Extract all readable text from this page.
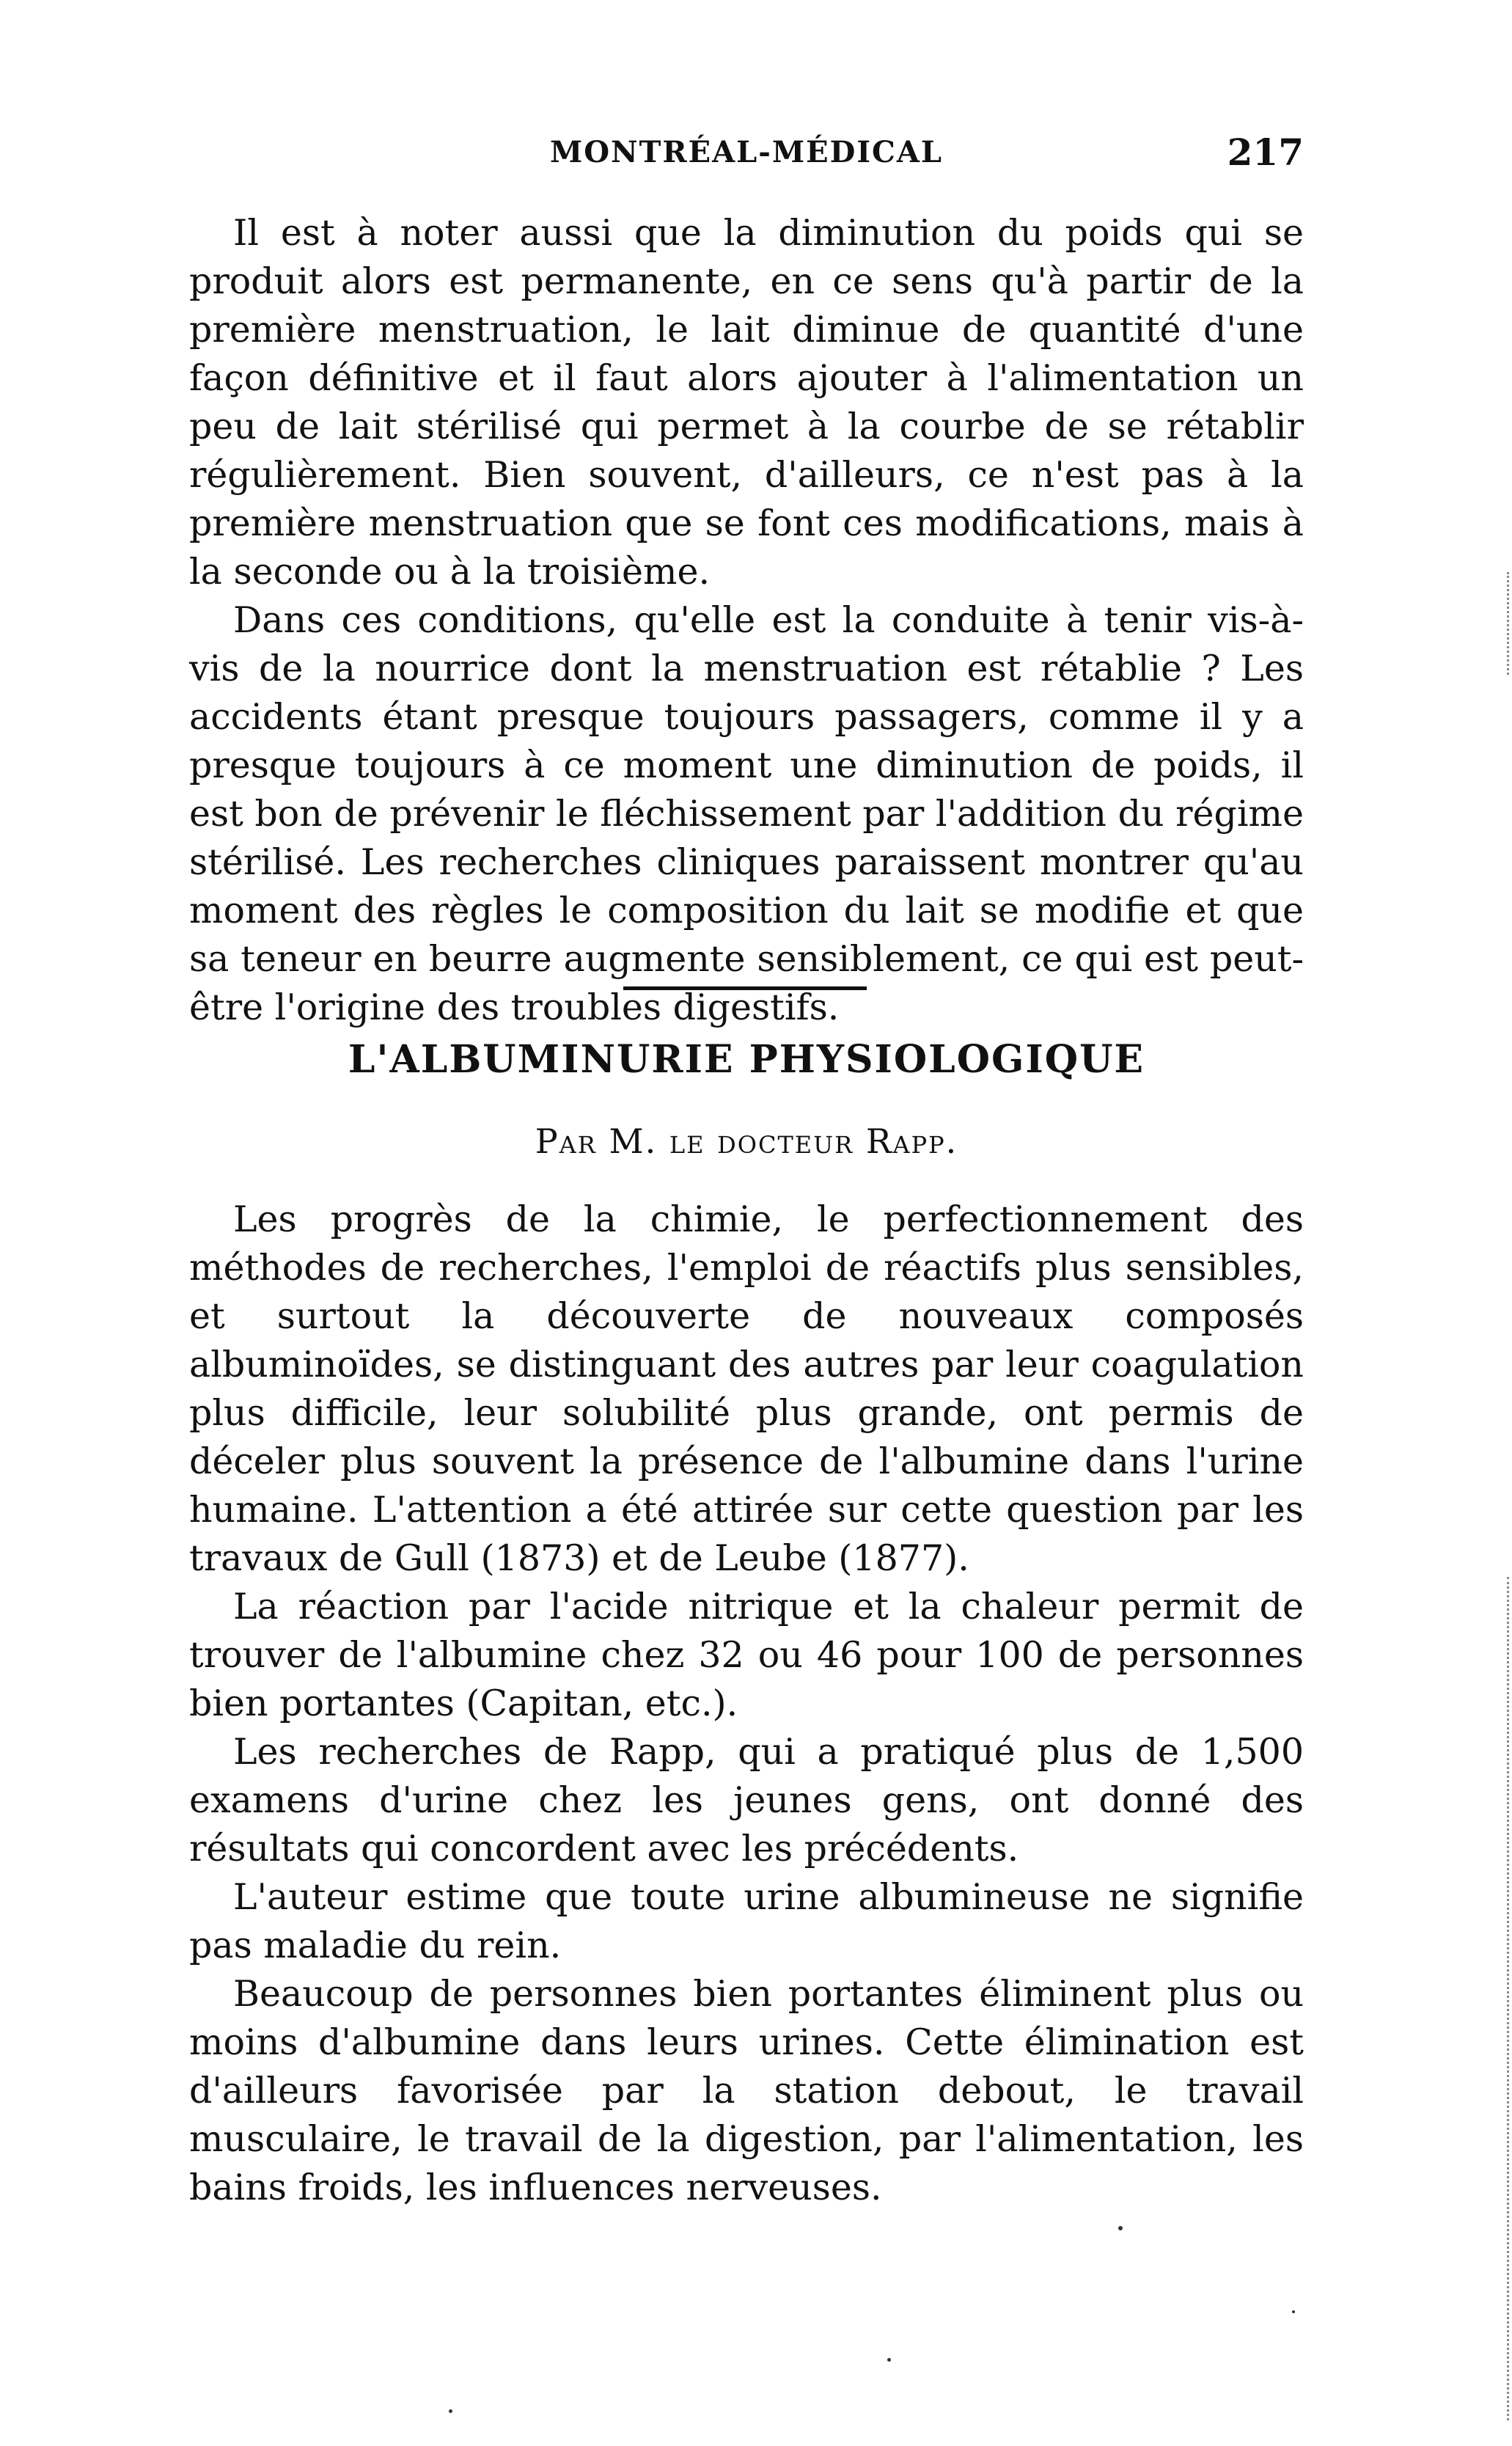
MONTRÉAL-MÉDICAL	217

Il est à noter aussi que la diminution du poids qui se produit alors est permanente, en ce sens qu'à partir de la première menstruation, le lait diminue de quantité d'une façon définitive et il faut alors ajouter à l'alimentation un peu de lait stérilisé qui permet à la courbe de se rétablir régulièrement. Bien souvent, d'ailleurs, ce n'est pas à la première menstruation que se font ces modifications, mais à la seconde ou à la troisième.

Dans ces conditions, qu'elle est la conduite à tenir vis-à-vis de la nourrice dont la menstruation est rétablie ? Les accidents étant presque toujours passagers, comme il y a presque toujours à ce moment une diminution de poids, il est bon de prévenir le fléchissement par l'addition du régime stérilisé. Les recherches cliniques paraissent montrer qu'au moment des règles le composition du lait se modifie et que sa teneur en beurre augmente sensiblement, ce qui est peut-être l'origine des troubles digestifs.

L'ALBUMINURIE PHYSIOLOGIQUE
Par M. le docteur Rapp.

Les progrès de la chimie, le perfectionnement des méthodes de recherches, l'emploi de réactifs plus sensibles, et surtout la découverte de nouveaux composés albuminoïdes, se distinguant des autres par leur coagulation plus difficile, leur solubilité plus grande, ont permis de déceler plus souvent la présence de l'albumine dans l'urine humaine. L'attention a été attirée sur cette question par les travaux de Gull (1873) et de Leube (1877).

La réaction par l'acide nitrique et la chaleur permit de trouver de l'albumine chez 32 ou 46 pour 100 de personnes bien portantes (Capitan, etc.).

Les recherches de Rapp, qui a pratiqué plus de 1,500 examens d'urine chez les jeunes gens, ont donné des résultats qui concordent avec les précédents.

L'auteur estime que toute urine albumineuse ne signifie pas maladie du rein.

Beaucoup de personnes bien portantes éliminent plus ou moins d'albumine dans leurs urines. Cette élimination est d'ailleurs favorisée par la station debout, le travail musculaire, le travail de la digestion, par l'alimentation, les bains froids, les influences nerveuses.
